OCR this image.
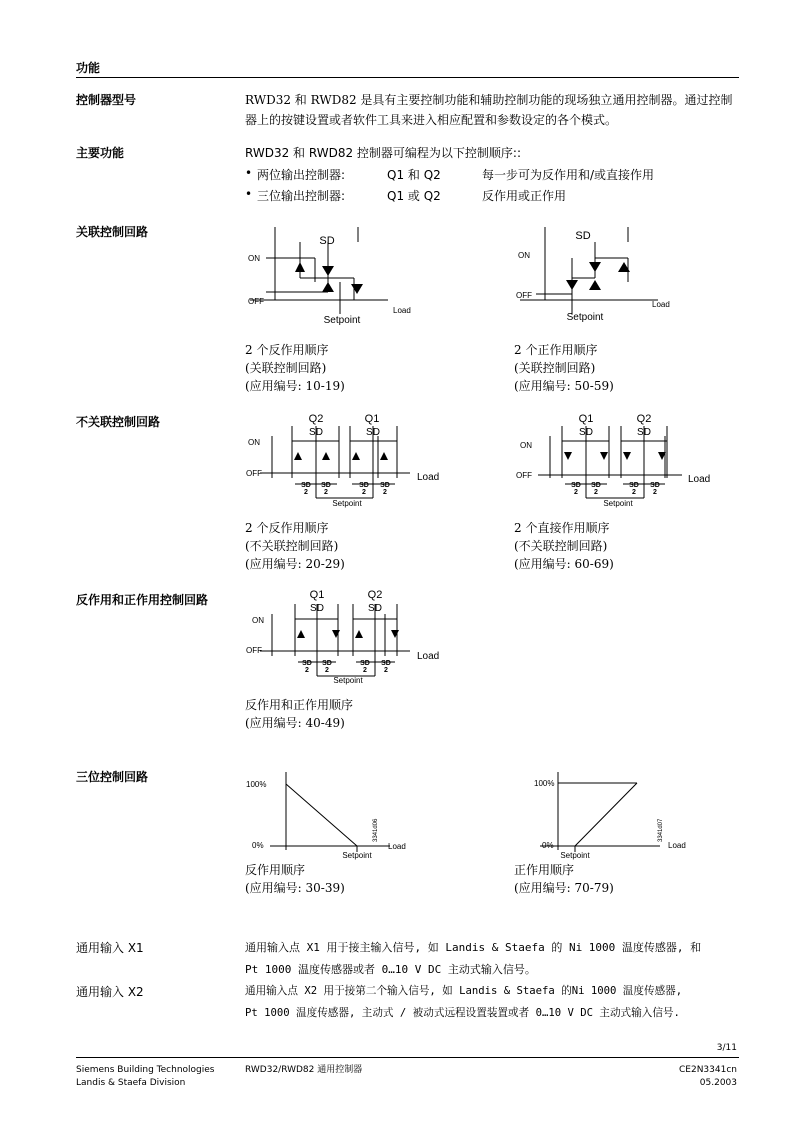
功能
控制器型号	RWD32 和 RWD82 是具有主要控制功能和辅助控制功能的现场独立通用控制器。通过控制器上的按键设置或者软件工具来进入相应配置和参数设定的各个模式。
主要功能	RWD32 和 RWD82 控制器可编程为以下控制顺序::
• 两位输出控制器:	Q1 和 Q2	每一步可为反作用和/或直接作用
• 三位输出控制器:	Q1 或 Q2	反作用或正作用
关联控制回路
SD
ON
OFF
Load
Setpoint
SD
ON
OFF
Load
Setpoint
2 个反作用顺序
(关联控制回路)
(应用编号: 10-19)
2 个正作用顺序
(关联控制回路)
(应用编号: 50-59)
不关联控制回路	Q2	Q1
SD	SD
ON
OFF	Load
SD
2
SD
2
SD
2
SD
2
Setpoint
Q1	Q2
SD	SD
ON
OFF	Load
SD
2
SD
2
SD
2
SD
2
Setpoint
2 个反作用顺序
(不关联控制回路)
(应用编号: 20-29)
2 个直接作用顺序
(不关联控制回路)
(应用编号: 60-69)
反作用和正作用控制回路	Q1	Q2
SD	SD
ON
OFF
Load
SD
2
SD
2
SD
2
SD
2
Setpoint
反作用和正作用顺序
(应用编号: 40-49)
三位控制回路
100%
0%	Load
Setpoint
3341d06
100%
0%	Load
Setpoint
3341d07
反作用顺序
(应用编号: 30-39)
正作用顺序
(应用编号: 70-79)
通用输入 X1	通用输入点 X1 用于接主输入信号, 如 Landis & Staefa 的 Ni 1000 温度传感器, 和
Pt 1000 温度传感器或者 0…10 V DC 主动式输入信号。
通用输入 X2	通用输入点 X2 用于接第二个输入信号, 如 Landis & Staefa 的Ni 1000 温度传感器,
Pt 1000 温度传感器, 主动式 / 被动式远程设置装置或者 0…10 V DC 主动式输入信号.
3/11
Siemens Building Technologies
Landis & Staefa Division
RWD32/RWD82 通用控制器	CE2N3341cn
05.2003
